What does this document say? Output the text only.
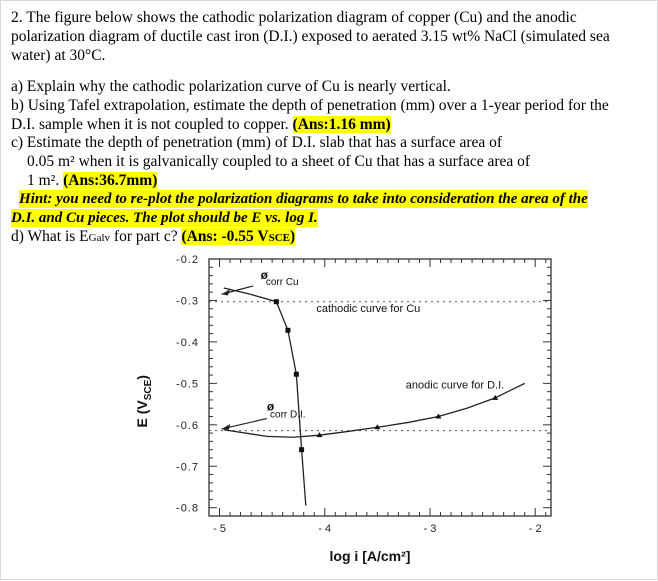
2. The figure below shows the cathodic polarization diagram of copper (Cu) and the anodic
polarization diagram of ductile cast iron (D.I.) exposed to aerated 3.15 wt% NaCl (simulated sea
water) at 30°C.
a) Explain why the cathodic polarization curve of Cu is nearly vertical.
b) Using Tafel extrapolation, estimate the depth of penetration (mm) over a 1-year period for the
D.I. sample when it is not coupled to copper. (Ans:1.16 mm)
c) Estimate the depth of penetration (mm) of D.I. slab that has a surface area of
0.05 m² when it is galvanically coupled to a sheet of Cu that has a surface area of
1 m². (Ans:36.7mm)
Hint: you need to re-plot the polarization diagrams to take into consideration the area of the
D.I. and Cu pieces. The plot should be E vs. log I.
d) What is EGalv for part c? (Ans: -0.55 VSCE)
-0.2
-0.3
-0.4
-0.5
-0.6
-0.7
-0.8
- 5	- 4	- 3	- 2
ø
corr Cu
ø
corr D.I.
cathodic curve for Cu
anodic curve for D.I.
log i [A/cm²]
E $(V_{SCE})$
